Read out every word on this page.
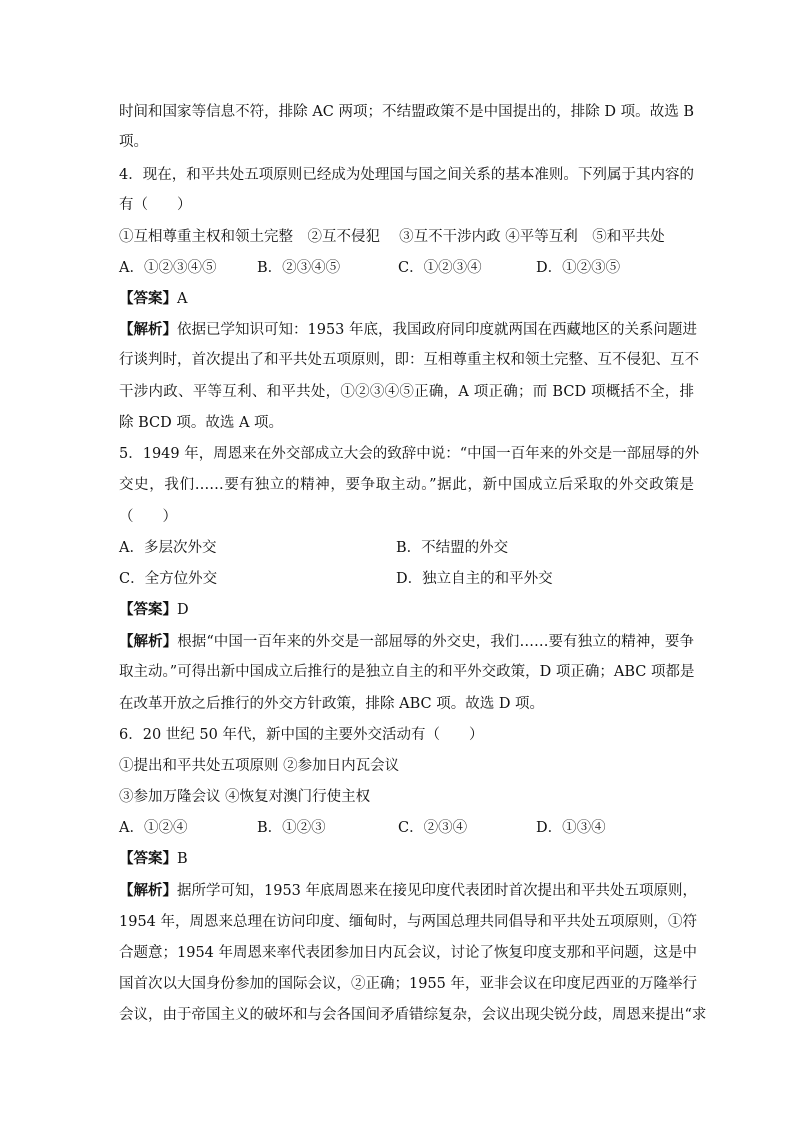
时间和国家等信息不符，排除 AC 两项；不结盟政策不是中国提出的，排除 D 项。故选 B
项。
4．现在，和平共处五项原则已经成为处理国与国之间关系的基本准则。下列属于其内容的
有（　　）
①互相尊重主权和领土完整　②互不侵犯　 ③互不干涉内政 ④平等互利　⑤和平共处
A．①②③④⑤	B．②③④⑤	C．①②③④	D．①②③⑤
【答案】A
【解析】依据已学知识可知：1953 年底，我国政府同印度就两国在西藏地区的关系问题进
行谈判时，首次提出了和平共处五项原则，即：互相尊重主权和领土完整、互不侵犯、互不
干涉内政、平等互利、和平共处，①②③④⑤正确，A 项正确；而 BCD 项概括不全，排
除 BCD 项。故选 A 项。
5．1949 年，周恩来在外交部成立大会的致辞中说：“中国一百年来的外交是一部屈辱的外
交史，我们……要有独立的精神，要争取主动。”据此，新中国成立后采取的外交政策是
（　　）
A．多层次外交	B．不结盟的外交
C．全方位外交	D．独立自主的和平外交
【答案】D
【解析】根据“中国一百年来的外交是一部屈辱的外交史，我们……要有独立的精神，要争
取主动。”可得出新中国成立后推行的是独立自主的和平外交政策，D 项正确；ABC 项都是
在改革开放之后推行的外交方针政策，排除 ABC 项。故选 D 项。
6．20 世纪 50 年代，新中国的主要外交活动有（　　）
①提出和平共处五项原则 ②参加日内瓦会议
③参加万隆会议 ④恢复对澳门行使主权
A．①②④	B．①②③	C．②③④	D．①③④
【答案】B
【解析】据所学可知，1953 年底周恩来在接见印度代表团时首次提出和平共处五项原则，
1954 年，周恩来总理在访问印度、缅甸时，与两国总理共同倡导和平共处五项原则，①符
合题意；1954 年周恩来率代表团参加日内瓦会议，讨论了恢复印度支那和平问题，这是中
国首次以大国身份参加的国际会议，②正确；1955 年，亚非会议在印度尼西亚的万隆举行
会议，由于帝国主义的破坏和与会各国间矛盾错综复杂，会议出现尖锐分歧，周恩来提出“求
